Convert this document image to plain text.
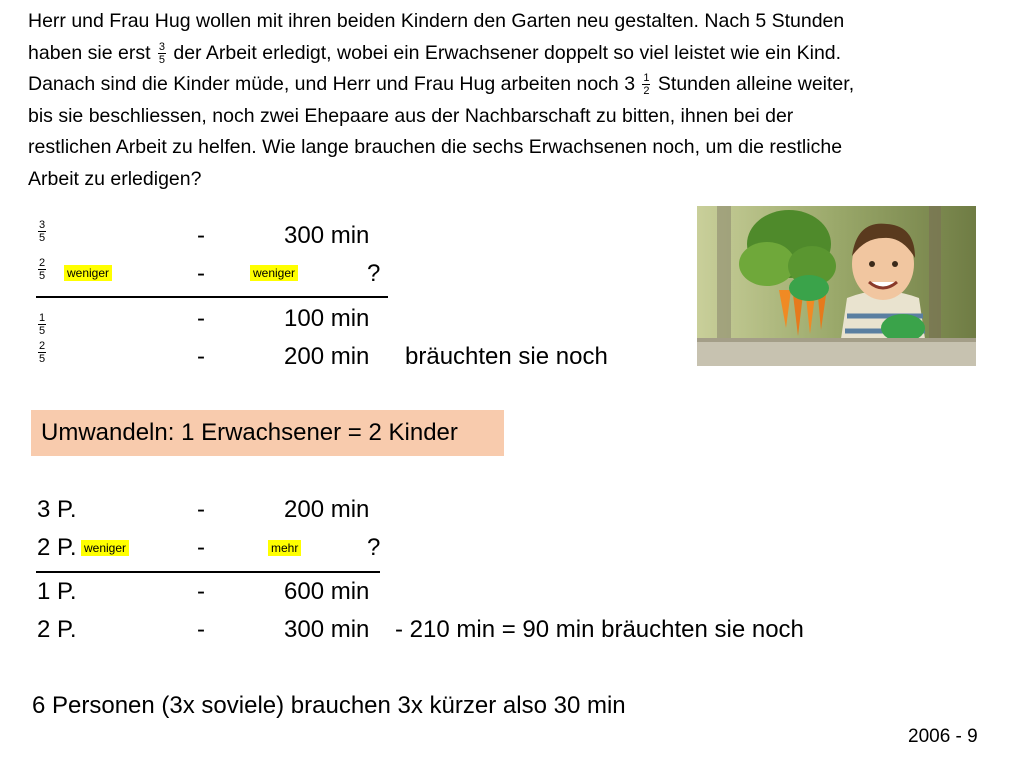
Herr und Frau Hug wollen mit ihren beiden Kindern den Garten neu gestalten. Nach 5 Stunden
haben sie erst $\frac{3}{5}$ der Arbeit erledigt, wobei ein Erwachsener doppelt so viel leistet wie ein Kind.
Danach sind die Kinder müde, und Herr und Frau Hug arbeiten noch $3 \frac{1}{2}$ Stunden alleine weiter,
bis sie beschliessen, noch zwei Ehepaare aus der Nachbarschaft zu bitten, ihnen bei der
restlichen Arbeit zu helfen. Wie lange brauchen die sechs Erwachsenen noch, um die restliche
Arbeit zu erledigen?
3
5	-	300 min
2
5 weniger	-	weniger	?
1
5	-	100 min
2
5	-	200 min bräuchten sie noch
Umwandeln: 1 Erwachsener = 2 Kinder
3 P.	-	200 min
2 P. weniger	-	mehr	?
1 P.	-	600 min
2 P.	-	300 min - 210 min = 90 min bräuchten sie noch
6 Personen (3x soviele) brauchen 3x kürzer also 30 min
2006 - 9
